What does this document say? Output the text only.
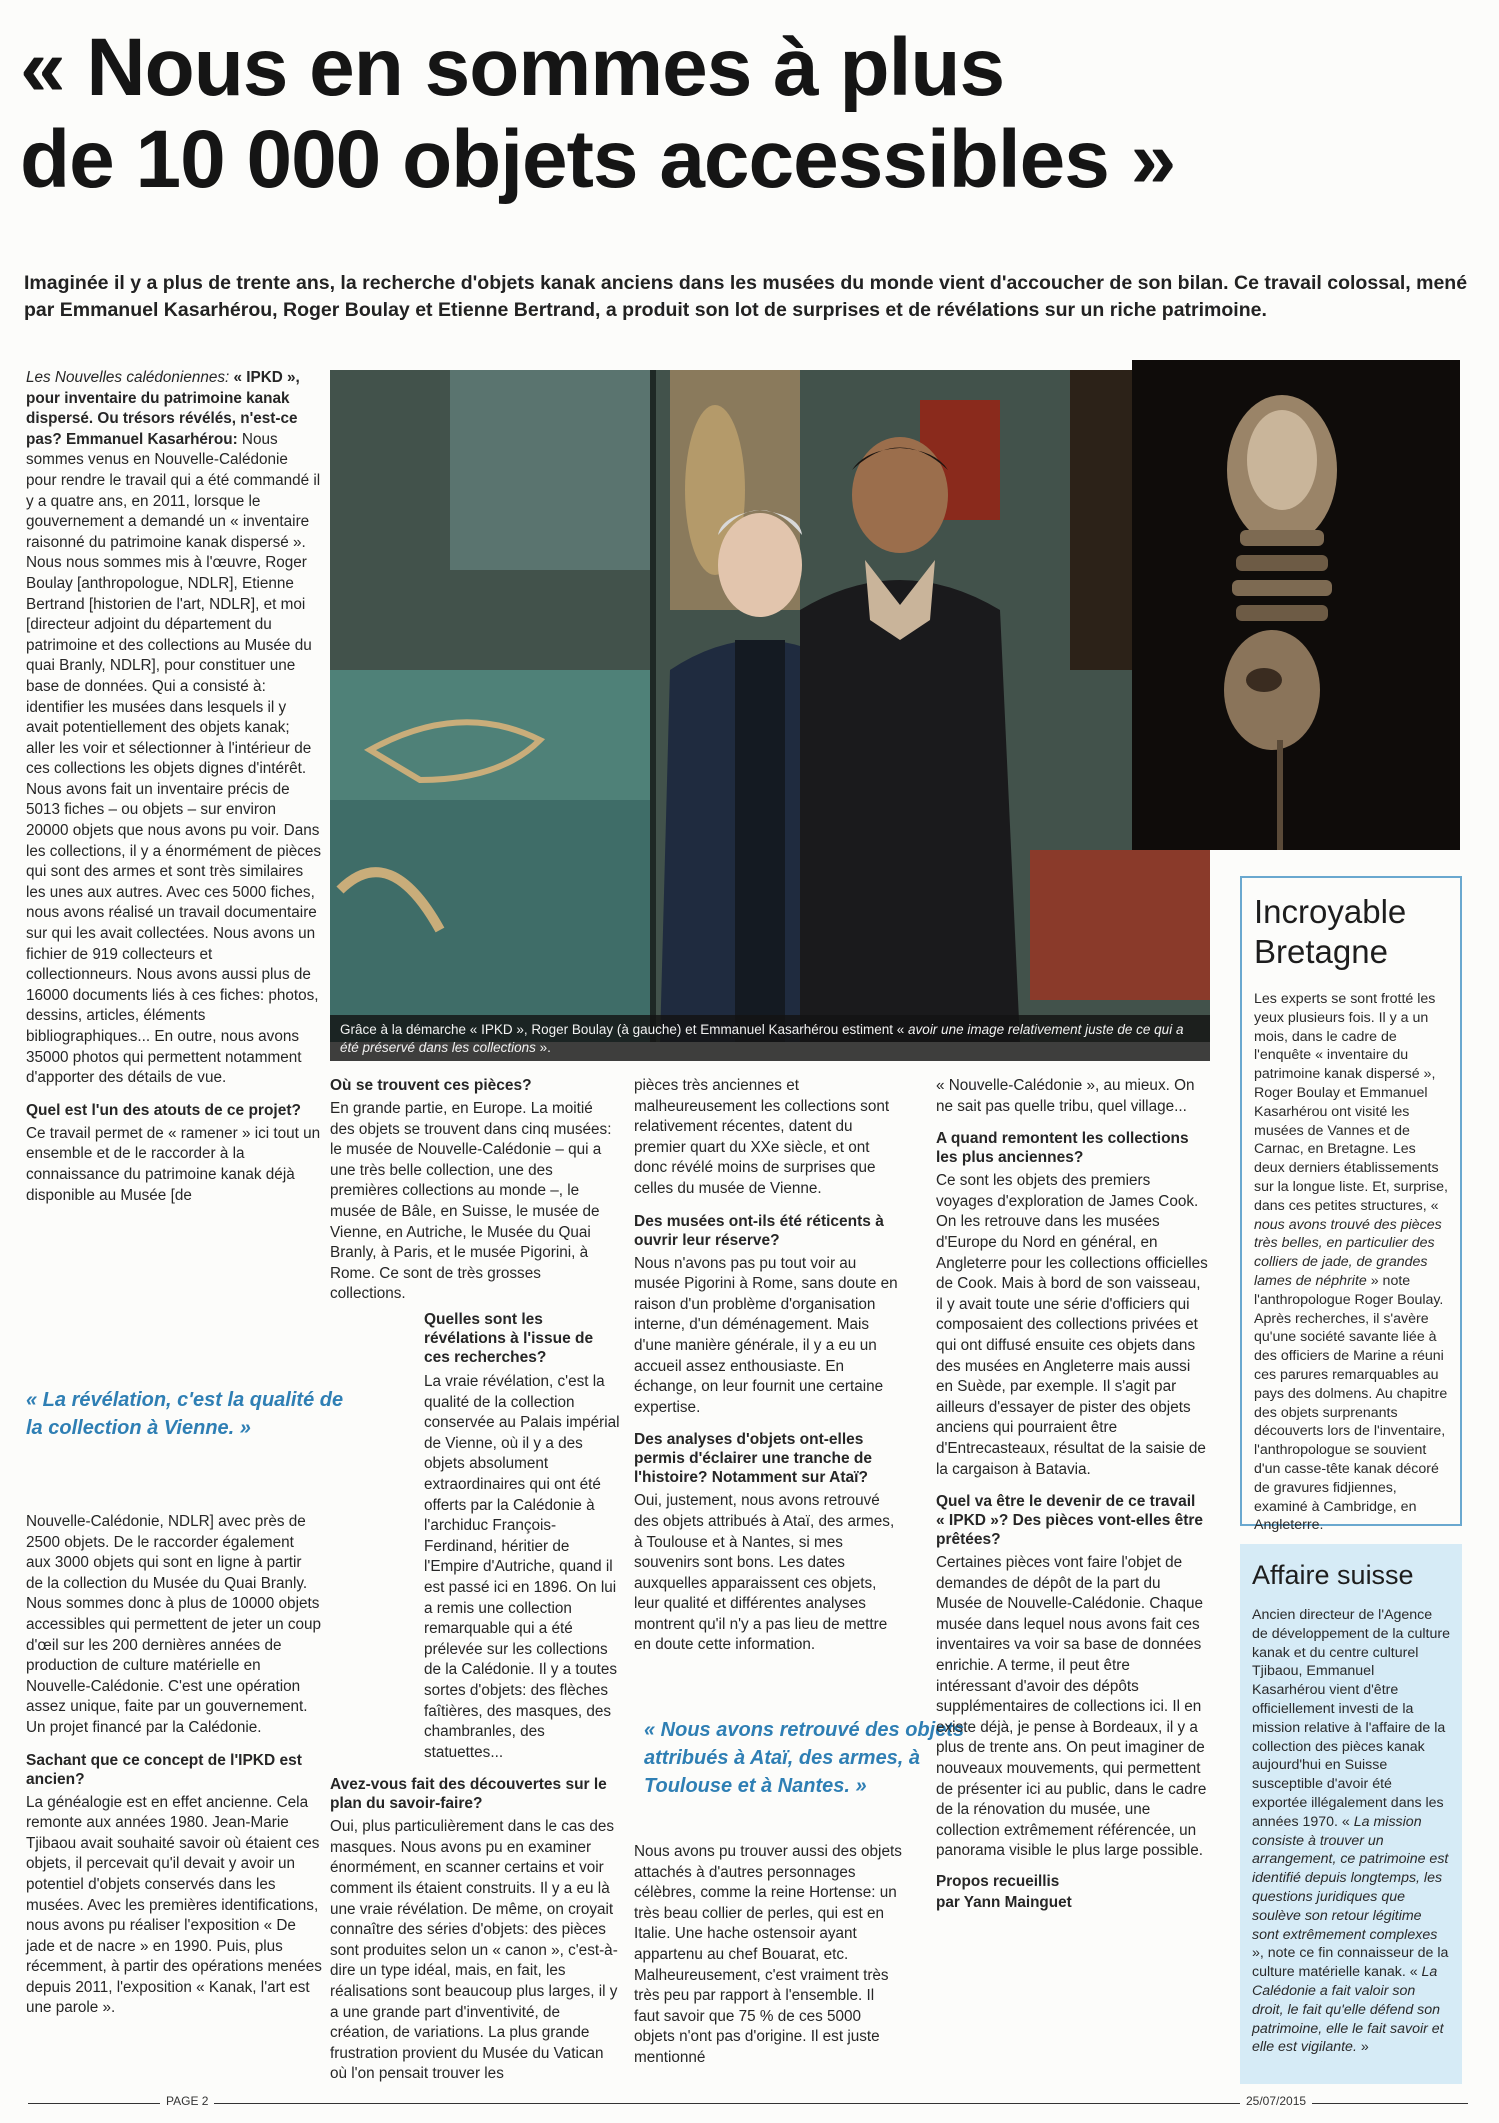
« Nous en sommes à plus
de 10 000 objets accessibles »
Imaginée il y a plus de trente ans, la recherche d'objets kanak anciens dans les musées du monde vient d'accoucher de son bilan. Ce travail colossal, mené par Emmanuel Kasarhérou, Roger Boulay et Etienne Bertrand, a produit son lot de surprises et de révélations sur un riche patrimoine.
Grâce à la démarche « IPKD », Roger Boulay (à gauche) et Emmanuel Kasarhérou estiment « avoir une image relativement juste de ce qui a été préservé dans les collections ».

Les Nouvelles calédoniennes: « IPKD », pour inventaire du patrimoine kanak dispersé. Ou trésors révélés, n'est-ce pas? Emmanuel Kasarhérou: Nous sommes venus en Nouvelle-Calédonie pour rendre le travail qui a été commandé il y a quatre ans, en 2011, lorsque le gouvernement a demandé un « inventaire raisonné du patrimoine kanak dispersé ». Nous nous sommes mis à l'œuvre, Roger Boulay [anthropologue, NDLR], Etienne Bertrand [historien de l'art, NDLR], et moi [directeur adjoint du département du patrimoine et des collections au Musée du quai Branly, NDLR], pour constituer une base de données. Qui a consisté à: identifier les musées dans lesquels il y avait potentiellement des objets kanak; aller les voir et sélectionner à l'intérieur de ces collections les objets dignes d'intérêt. Nous avons fait un inventaire précis de 5013 fiches – ou objets – sur environ 20000 objets que nous avons pu voir. Dans les collections, il y a énormément de pièces qui sont des armes et sont très similaires les unes aux autres. Avec ces 5000 fiches, nous avons réalisé un travail documentaire sur qui les avait collectées. Nous avons un fichier de 919 collecteurs et collectionneurs. Nous avons aussi plus de 16000 documents liés à ces fiches: photos, dessins, articles, éléments bibliographiques... En outre, nous avons 35000 photos qui permettent notamment d'apporter des détails de vue.

Quel est l'un des atouts de ce projet?

Ce travail permet de « ramener » ici tout un ensemble et de le raccorder à la connaissance du patrimoine kanak déjà disponible au Musée [de

« La révélation, c'est la qualité de la collection à Vienne. »

Nouvelle-Calédonie, NDLR] avec près de 2500 objets. De le raccorder également aux 3000 objets qui sont en ligne à partir de la collection du Musée du Quai Branly. Nous sommes donc à plus de 10000 objets accessibles qui permettent de jeter un coup d'œil sur les 200 dernières années de production de culture matérielle en Nouvelle-Calédonie. C'est une opération assez unique, faite par un gouvernement. Un projet financé par la Calédonie.

Sachant que ce concept de l'IPKD est ancien?

La généalogie est en effet ancienne. Cela remonte aux années 1980. Jean-Marie Tjibaou avait souhaité savoir où étaient ces objets, il percevait qu'il devait y avoir un potentiel d'objets conservés dans les musées. Avec les premières identifications, nous avons pu réaliser l'exposition « De jade et de nacre » en 1990. Puis, plus récemment, à partir des opérations menées depuis 2011, l'exposition « Kanak, l'art est une parole ».

Où se trouvent ces pièces?

En grande partie, en Europe. La moitié des objets se trouvent dans cinq musées: le musée de Nouvelle-Calédonie – qui a une très belle collection, une des premières collections au monde –, le musée de Bâle, en Suisse, le musée de Vienne, en Autriche, le Musée du Quai Branly, à Paris, et le musée Pigorini, à Rome. Ce sont de très grosses collections.

Quelles sont les révélations à l'issue de ces recherches?

La vraie révélation, c'est la qualité de la collection conservée au Palais impérial de Vienne, où il y a des objets absolument extraordinaires qui ont été offerts par la Calédonie à l'archiduc François-Ferdinand, héritier de l'Empire d'Autriche, quand il est passé ici en 1896. On lui a remis une collection remarquable qui a été prélevée sur les collections de la Calédonie. Il y a toutes sortes d'objets: des flèches faîtières, des masques, des chambranles, des statuettes...

Avez-vous fait des découvertes sur le plan du savoir-faire?

Oui, plus particulièrement dans le cas des masques. Nous avons pu en examiner énormément, en scanner certains et voir comment ils étaient construits. Il y a eu là une vraie révélation. De même, on croyait connaître des séries d'objets: des pièces sont produites selon un « canon », c'est-à-dire un type idéal, mais, en fait, les réalisations sont beaucoup plus larges, il y a une grande part d'inventivité, de création, de variations. La plus grande frustration provient du Musée du Vatican où l'on pensait trouver les

pièces très anciennes et malheureusement les collections sont relativement récentes, datent du premier quart du XXe siècle, et ont donc révélé moins de surprises que celles du musée de Vienne.

Des musées ont-ils été réticents à ouvrir leur réserve?

Nous n'avons pas pu tout voir au musée Pigorini à Rome, sans doute en raison d'un problème d'organisation interne, d'un déménagement. Mais d'une manière générale, il y a eu un accueil assez enthousiaste. En échange, on leur fournit une certaine expertise.

Des analyses d'objets ont-elles permis d'éclairer une tranche de l'histoire? Notamment sur Ataï?

Oui, justement, nous avons retrouvé des objets attribués à Ataï, des armes, à Toulouse et à Nantes, si mes souvenirs sont bons. Les dates auxquelles apparaissent ces objets, leur qualité et différentes analyses montrent qu'il n'y a pas lieu de mettre en doute cette information.

« Nous avons retrouvé des objets attribués à Ataï, des armes, à Toulouse et à Nantes. »

Nous avons pu trouver aussi des objets attachés à d'autres personnages célèbres, comme la reine Hortense: un très beau collier de perles, qui est en Italie. Une hache ostensoir ayant appartenu au chef Bouarat, etc. Malheureusement, c'est vraiment très très peu par rapport à l'ensemble. Il faut savoir que 75 % de ces 5000 objets n'ont pas d'origine. Il est juste mentionné

« Nouvelle-Calédonie », au mieux. On ne sait pas quelle tribu, quel village...

A quand remontent les collections les plus anciennes?

Ce sont les objets des premiers voyages d'exploration de James Cook. On les retrouve dans les musées d'Europe du Nord en général, en Angleterre pour les collections officielles de Cook. Mais à bord de son vaisseau, il y avait toute une série d'officiers qui composaient des collections privées et qui ont diffusé ensuite ces objets dans des musées en Angleterre mais aussi en Suède, par exemple. Il s'agit par ailleurs d'essayer de pister des objets anciens qui pourraient être d'Entrecasteaux, résultat de la saisie de la cargaison à Batavia.

Quel va être le devenir de ce travail « IPKD »? Des pièces vont-elles être prêtées?

Certaines pièces vont faire l'objet de demandes de dépôt de la part du Musée de Nouvelle-Calédonie. Chaque musée dans lequel nous avons fait ces inventaires va voir sa base de données enrichie. A terme, il peut être intéressant d'avoir des dépôts supplémentaires de collections ici. Il en existe déjà, je pense à Bordeaux, il y a plus de trente ans. On peut imaginer de nouveaux mouvements, qui permettent de présenter ici au public, dans le cadre de la rénovation du musée, une collection extrêmement référencée, un panorama visible le plus large possible.

Propos recueillis
par Yann Mainguet
Incroyable Bretagne
Les experts se sont frotté les yeux plusieurs fois. Il y a un mois, dans le cadre de l'enquête « inventaire du patrimoine kanak dispersé », Roger Boulay et Emmanuel Kasarhérou ont visité les musées de Vannes et de Carnac, en Bretagne. Les deux derniers établissements sur la longue liste. Et, surprise, dans ces petites structures, « nous avons trouvé des pièces très belles, en particulier des colliers de jade, de grandes lames de néphrite » note l'anthropologue Roger Boulay. Après recherches, il s'avère qu'une société savante liée à des officiers de Marine a réuni ces parures remarquables au pays des dolmens. Au chapitre des objets surprenants découverts lors de l'inventaire, l'anthropologue se souvient d'un casse-tête kanak décoré de gravures fidjiennes, examiné à Cambridge, en Angleterre.
Affaire suisse
Ancien directeur de l'Agence de développement de la culture kanak et du centre culturel Tjibaou, Emmanuel Kasarhérou vient d'être officiellement investi de la mission relative à l'affaire de la collection des pièces kanak aujourd'hui en Suisse susceptible d'avoir été exportée illégalement dans les années 1970. « La mission consiste à trouver un arrangement, ce patrimoine est identifié depuis longtemps, les questions juridiques que soulève son retour légitime sont extrêmement complexes », note ce fin connaisseur de la culture matérielle kanak. « La Calédonie a fait valoir son droit, le fait qu'elle défend son patrimoine, elle le fait savoir et elle est vigilante. »
PAGE 2	25/07/2015
